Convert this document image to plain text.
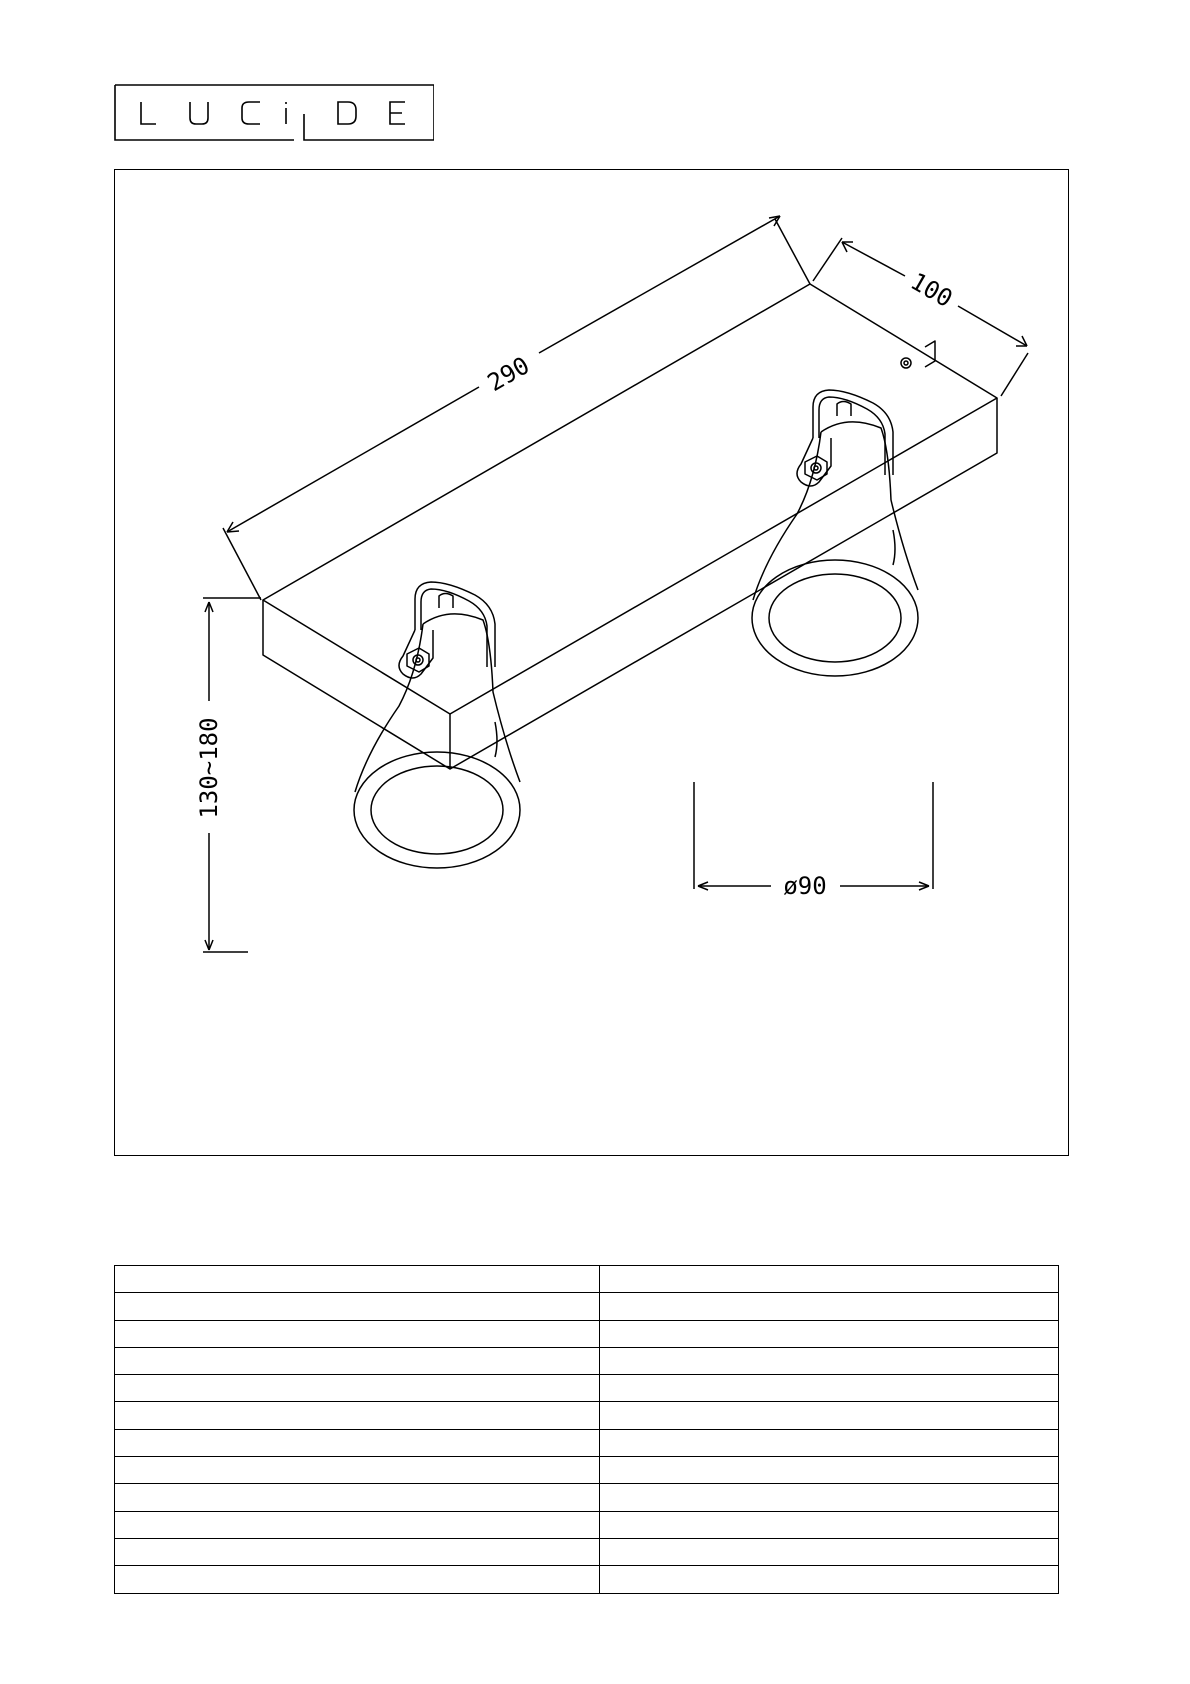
290
100
130~180
ø90
